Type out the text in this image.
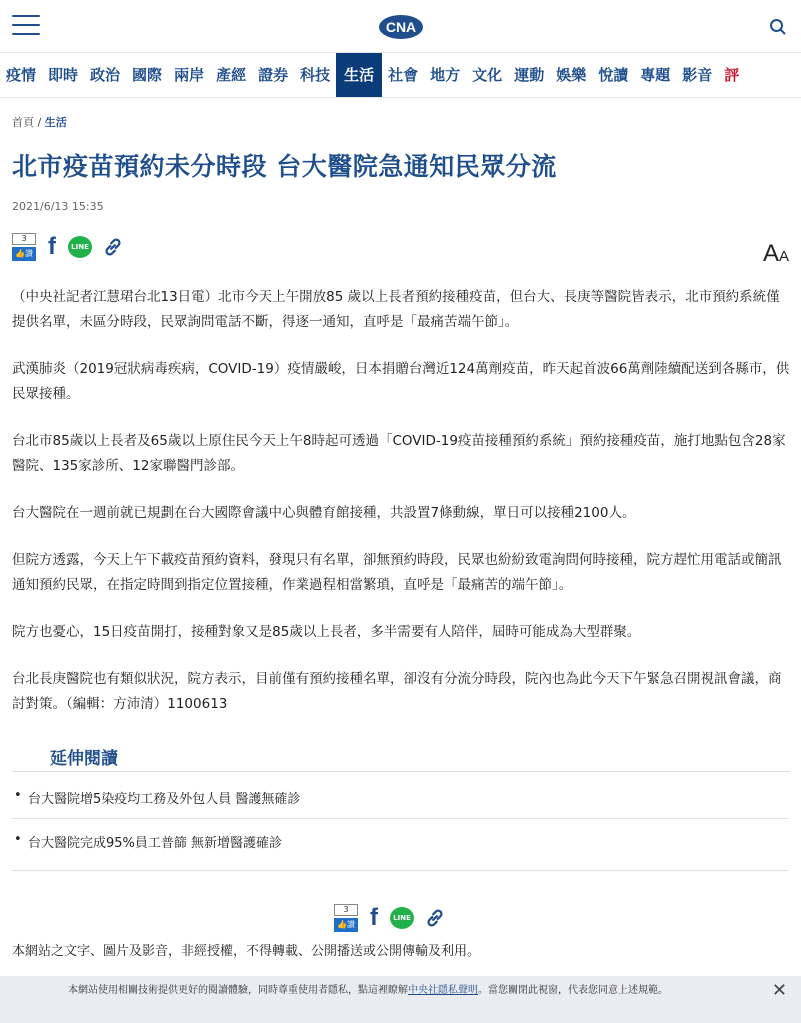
CNA
疫情 即時 政治 國際 兩岸 產經 證券 科技 生活 社會 地方 文化 運動 娛樂 悅讀 專題 影音 評
首頁 / 生活
北市疫苗預約未分時段 台大醫院急通知民眾分流
2021/6/13 15:35
3
👍讚 f	LINE	AA

（中央社記者江慧珺台北13日電）北市今天上午開放85 歲以上長者預約接種疫苗，但台大、長庚等醫院皆表示，北市預約系統僅提供名單，未區分時段，民眾詢問電話不斷，得逐一通知，直呼是「最痛苦端午節」。

武漢肺炎（2019冠狀病毒疾病，COVID-19）疫情嚴峻，日本捐贈台灣近124萬劑疫苗，昨天起首波66萬劑陸續配送到各縣市，供民眾接種。

台北市85歲以上長者及65歲以上原住民今天上午8時起可透過「COVID-19疫苗接種預約系統」預約接種疫苗，施打地點包含28家醫院、135家診所、12家聯醫門診部。

台大醫院在一週前就已規劃在台大國際會議中心與體育館接種，共設置7條動線，單日可以接種2100人。

但院方透露，今天上午下載疫苗預約資料，發現只有名單，卻無預約時段，民眾也紛紛致電詢問何時接種，院方趕忙用電話或簡訊通知預約民眾，在指定時間到指定位置接種，作業過程相當繁瑣，直呼是「最痛苦的端午節」。

院方也憂心，15日疫苗開打，接種對象又是85歲以上長者，多半需要有人陪伴，屆時可能成為大型群聚。

台北長庚醫院也有類似狀況，院方表示，目前僅有預約接種名單，卻沒有分流分時段，院內也為此今天下午緊急召開視訊會議，商討對策。（編輯：方沛清）1100613

延伸閱讀
• 台大醫院增5染疫均工務及外包人員 醫護無確診
• 台大醫院完成95%員工普篩 無新增醫護確診
3
👍讚 f	LINE
本網站之文字、圖片及影音，非經授權，不得轉載、公開播送或公開傳輸及利用。
本網站使用相關技術提供更好的閱讀體驗，同時尊重使用者隱私，點這裡瞭解中央社隱私聲明。當您關閉此視窗，代表您同意上述規範。	✕
